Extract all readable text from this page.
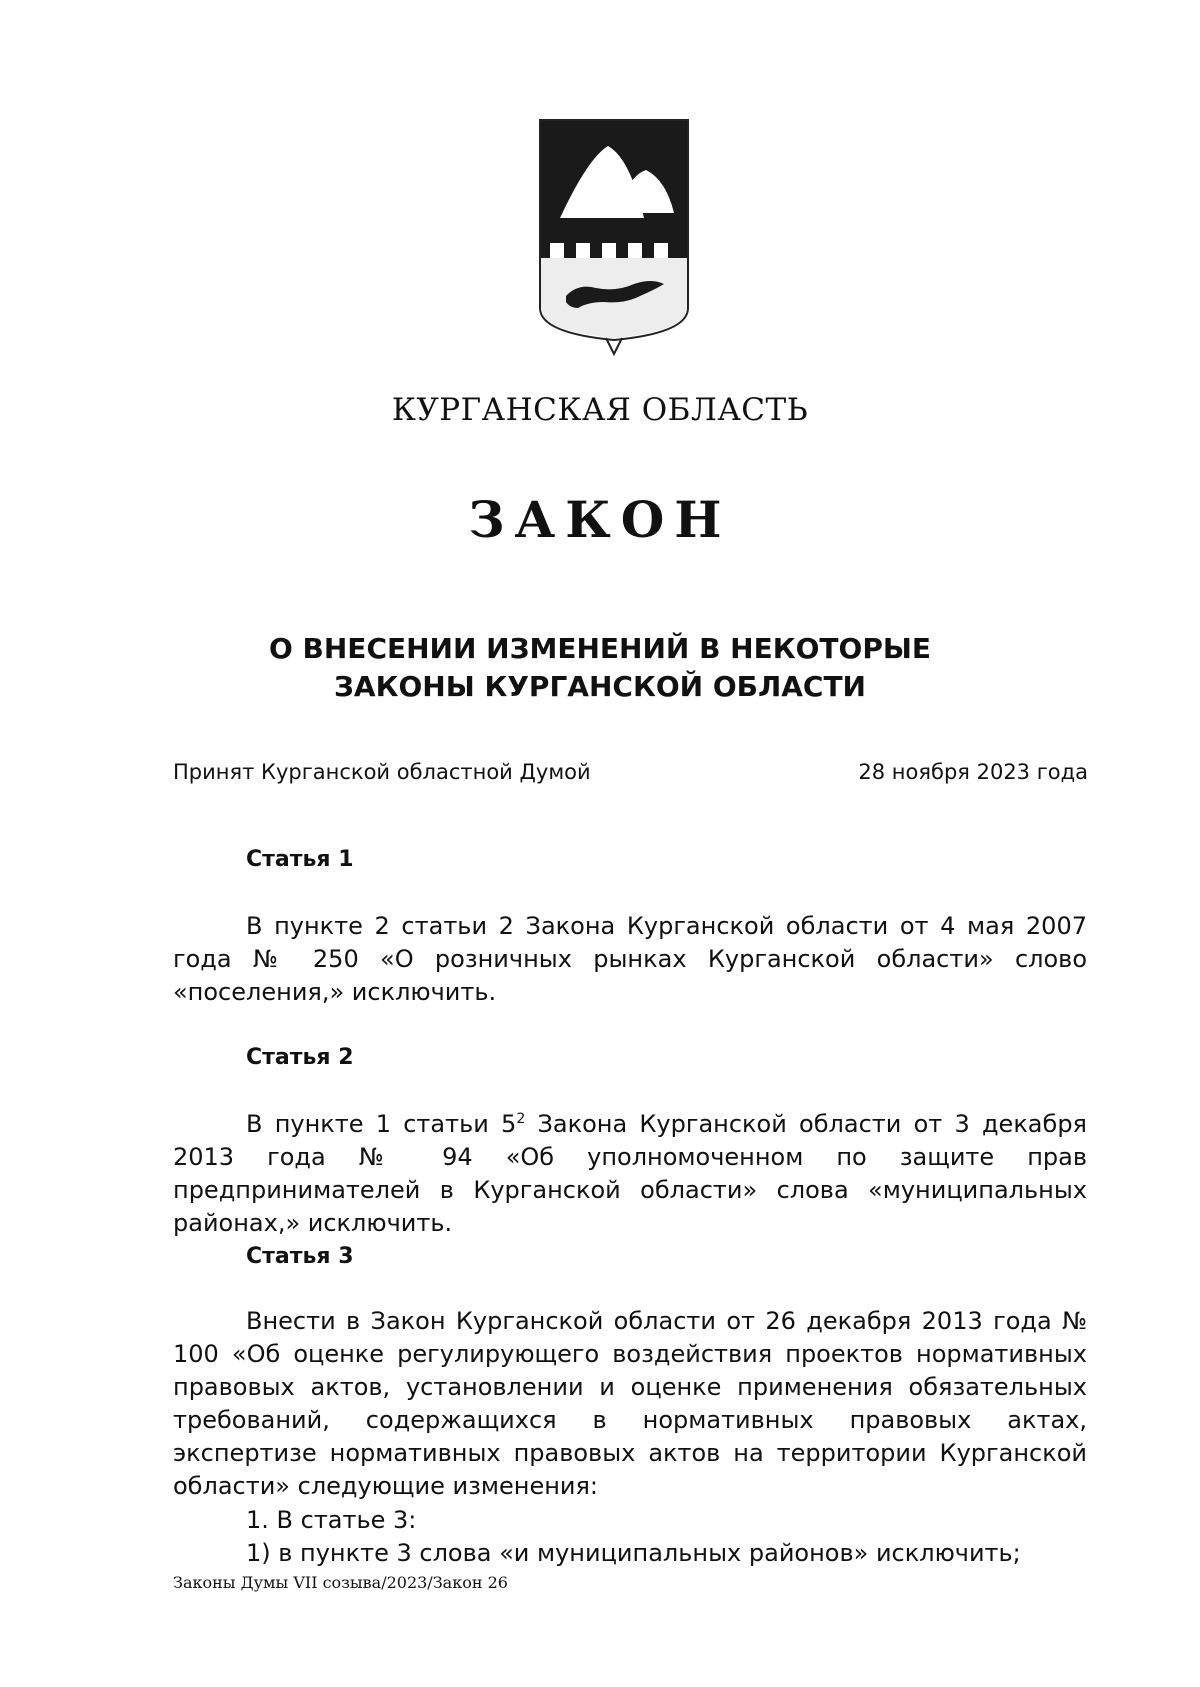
КУРГАНСКАЯ ОБЛАСТЬ
ЗАКОН
О ВНЕСЕНИИ ИЗМЕНЕНИЙ В НЕКОТОРЫЕ
ЗАКОНЫ КУРГАНСКОЙ ОБЛАСТИ
Принят Курганской областной Думой	28 ноября 2023 года
Статья 1
В пункте 2 статьи 2 Закона Курганской области от 4 мая 2007 года № 250 «О розничных рынках Курганской области» слово «поселения,» исключить.
Статья 2
В пункте 1 статьи $5^2$ Закона Курганской области от 3 декабря 2013 года № 94 «Об уполномоченном по защите прав предпринимателей в Курганской области» слова «муниципальных районах,» исключить.
Статья 3
Внести в Закон Курганской области от 26 декабря 2013 года № 100 «Об оценке регулирующего воздействия проектов нормативных правовых актов, установлении и оценке применения обязательных требований, содержащихся в нормативных правовых актах, экспертизе нормативных правовых актов на территории Курганской области» следующие изменения:
1. В статье 3:
1) в пункте 3 слова «и муниципальных районов» исключить;
Законы Думы VII созыва/2023/Закон 26
